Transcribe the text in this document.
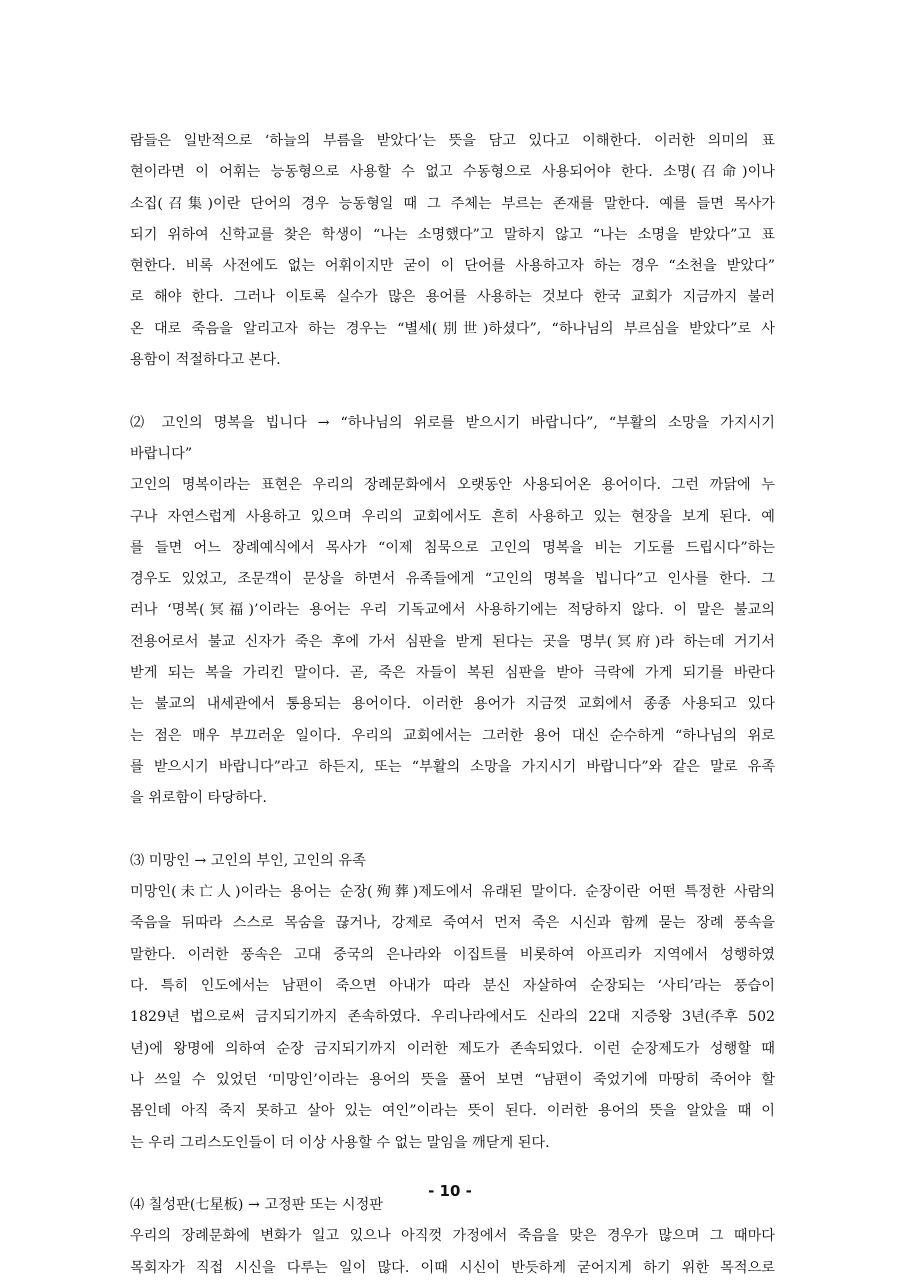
람들은 일반적으로 ‘하늘의 부름을 받았다’는 뜻을 담고 있다고 이해한다. 이러한 의미의 표
현이라면 이 어휘는 능동형으로 사용할 수 없고 수동형으로 사용되어야 한다. 소명(召命)이나
소집(召集)이란 단어의 경우 능동형일 때 그 주체는 부르는 존재를 말한다. 예를 들면 목사가
되기 위하여 신학교를 찾은 학생이 “나는 소명했다”고 말하지 않고 “나는 소명을 받았다”고 표
현한다. 비록 사전에도 없는 어휘이지만 굳이 이 단어를 사용하고자 하는 경우 “소천을 받았다”
로 해야 한다. 그러나 이토록 실수가 많은 용어를 사용하는 것보다 한국 교회가 지금까지 불러
온 대로 죽음을 알리고자 하는 경우는 “별세(別世)하셨다”, “하나님의 부르심을 받았다”로 사
용함이 적절하다고 본다.
⑵ 고인의 명복을 빕니다 → “하나님의 위로를 받으시기 바랍니다”, “부활의 소망을 가지시기
바랍니다”
고인의 명복이라는 표현은 우리의 장례문화에서 오랫동안 사용되어온 용어이다. 그런 까닭에 누
구나 자연스럽게 사용하고 있으며 우리의 교회에서도 흔히 사용하고 있는 현장을 보게 된다. 예
를 들면 어느 장례예식에서 목사가 “이제 침묵으로 고인의 명복을 비는 기도를 드립시다”하는
경우도 있었고, 조문객이 문상을 하면서 유족들에게 “고인의 명복을 빕니다”고 인사를 한다. 그
러나 ‘명복(冥福)’이라는 용어는 우리 기독교에서 사용하기에는 적당하지 않다. 이 말은 불교의
전용어로서 불교 신자가 죽은 후에 가서 심판을 받게 된다는 곳을 명부(冥府)라 하는데 거기서
받게 되는 복을 가리킨 말이다. 곧, 죽은 자들이 복된 심판을 받아 극락에 가게 되기를 바란다
는 불교의 내세관에서 통용되는 용어이다. 이러한 용어가 지금껏 교회에서 종종 사용되고 있다
는 점은 매우 부끄러운 일이다. 우리의 교회에서는 그러한 용어 대신 순수하게 “하나님의 위로
를 받으시기 바랍니다”라고 하든지, 또는 “부활의 소망을 가지시기 바랍니다”와 같은 말로 유족
을 위로함이 타당하다.
⑶ 미망인 → 고인의 부인, 고인의 유족
미망인(未亡人)이라는 용어는 순장(殉葬)제도에서 유래된 말이다. 순장이란 어떤 특정한 사람의
죽음을 뒤따라 스스로 목숨을 끊거나, 강제로 죽여서 먼저 죽은 시신과 함께 묻는 장례 풍속을
말한다. 이러한 풍속은 고대 중국의 은나라와 이집트를 비롯하여 아프리카 지역에서 성행하였
다. 특히 인도에서는 남편이 죽으면 아내가 따라 분신 자살하여 순장되는 ‘사티’라는 풍습이
1829년 법으로써 금지되기까지 존속하였다. 우리나라에서도 신라의 22대 지증왕 3년(주후 502
년)에 왕명에 의하여 순장 금지되기까지 이러한 제도가 존속되었다. 이런 순장제도가 성행할 때
나 쓰일 수 있었던 ‘미망인’이라는 용어의 뜻을 풀어 보면 “남편이 죽었기에 마땅히 죽어야 할
몸인데 아직 죽지 못하고 살아 있는 여인”이라는 뜻이 된다. 이러한 용어의 뜻을 알았을 때 이
는 우리 그리스도인들이 더 이상 사용할 수 없는 말임을 깨닫게 된다.
⑷ 칠성판(七星板) → 고정판 또는 시정판
우리의 장례문화에 변화가 일고 있으나 아직껏 가정에서 죽음을 맞은 경우가 많으며 그 때마다
목회자가 직접 시신을 다루는 일이 많다. 이때 시신이 반듯하게 굳어지게 하기 위한 목적으로
- 10 -
